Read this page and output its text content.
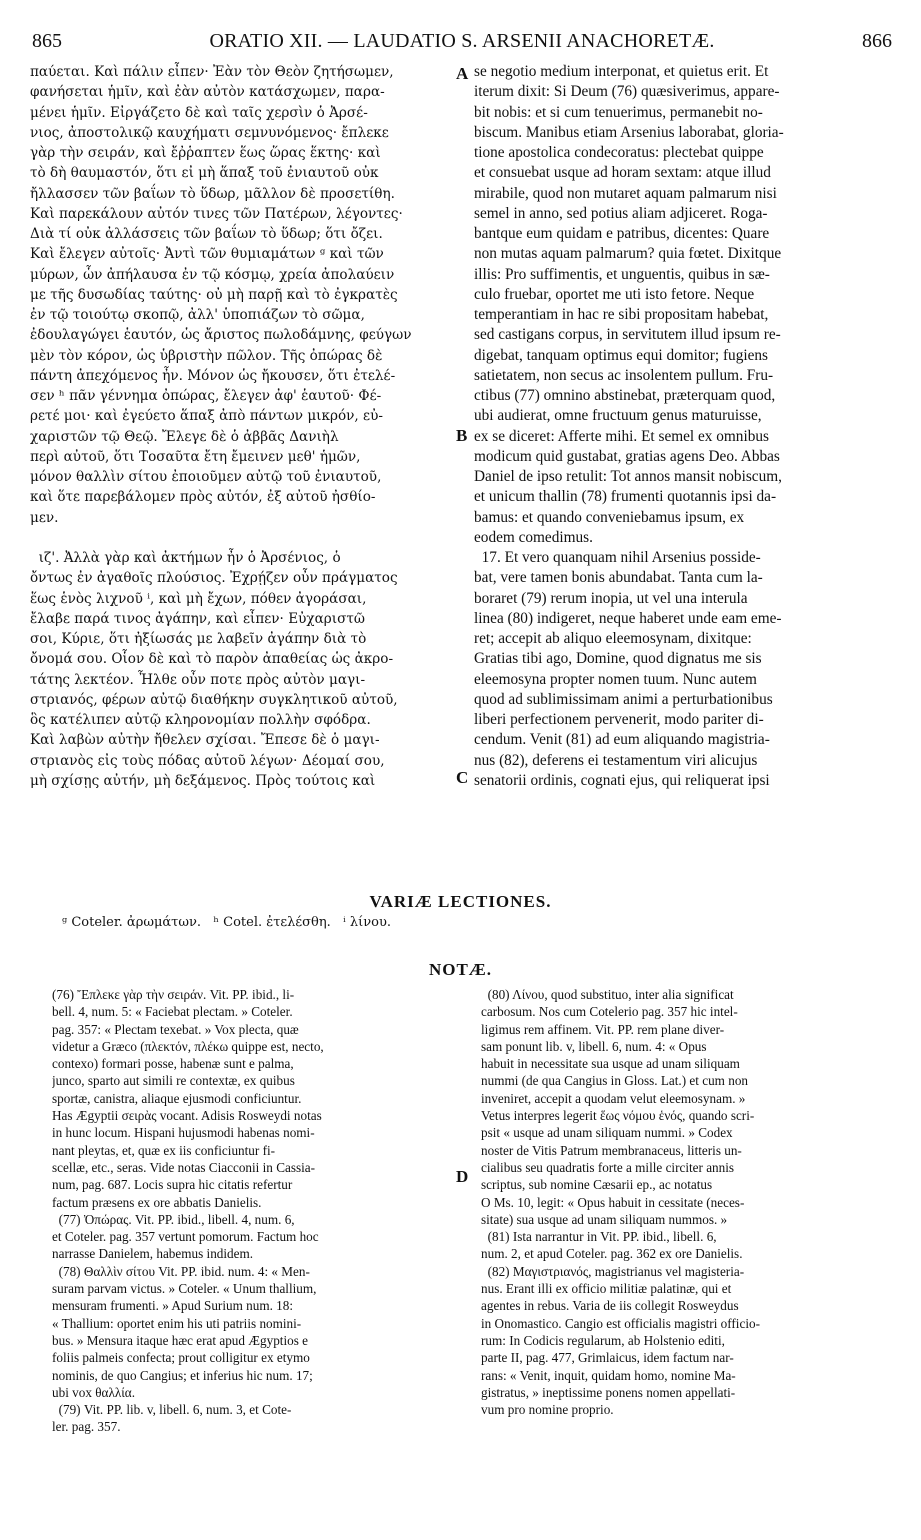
865	ORATIO XII. — LAUDATIO S. ARSENII ANACHORETÆ.	866
παύεται. Καὶ πάλιν εἶπεν· Ἐὰν τὸν Θεὸν ζητήσωμεν,
φανήσεται ἡμῖν, καὶ ἐὰν αὐτὸν κατάσχωμεν, παρα-
μένει ἡμῖν. Εἰργάζετο δὲ καὶ ταῖς χερσὶν ὁ Ἀρσέ-
νιος, ἀποστολικῷ καυχήματι σεμνυνόμενος· ἔπλεκε
γὰρ τὴν σειράν, καὶ ἔῤῥαπτεν ἕως ὥρας ἕκτης· καὶ
τὸ δὴ θαυμαστόν, ὅτι εἰ μὴ ἅπαξ τοῦ ἐνιαυτοῦ οὐκ
ἤλλασσεν τῶν βαΐων τὸ ὕδωρ, μᾶλλον δὲ προσετίθη.
Καὶ παρεκάλουν αὐτόν τινες τῶν Πατέρων, λέγοντες·
Διὰ τί οὐκ ἀλλάσσεις τῶν βαΐων τὸ ὕδωρ; ὅτι ὄζει.
Καὶ ἔλεγεν αὐτοῖς· Ἀντὶ τῶν θυμιαμάτων ᵍ καὶ τῶν
μύρων, ὧν ἀπήλαυσα ἐν τῷ κόσμῳ, χρεία ἀπολαύειν
με τῆς δυσωδίας ταύτης· οὐ μὴ παρῇ καὶ τὸ ἐγκρατὲς
ἐν τῷ τοιούτῳ σκοπῷ, ἀλλ' ὑποπιάζων τὸ σῶμα,
ἐδουλαγώγει ἑαυτόν, ὡς ἄριστος πωλοδάμνης, φεύγων
μὲν τὸν κόρον, ὡς ὑβριστὴν πῶλον. Τῆς ὀπώρας δὲ
πάντη ἀπεχόμενος ἦν. Μόνον ὡς ἤκουσεν, ὅτι ἐτελέ-
σεν ʰ πᾶν γέννημα ὀπώρας, ἔλεγεν ἀφ' ἑαυτοῦ· Φέ-
ρετέ μοι· καὶ ἐγεύετο ἅπαξ ἀπὸ πάντων μικρόν, εὐ-
χαριστῶν τῷ Θεῷ. Ἔλεγε δὲ ὁ ἀββᾶς Δανιὴλ
περὶ αὐτοῦ, ὅτι Τοσαῦτα ἔτη ἔμεινεν μεθ' ἡμῶν,
μόνον θαλλὶν σίτου ἐποιοῦμεν αὐτῷ τοῦ ἐνιαυτοῦ,
καὶ ὅτε παρεβάλομεν πρὸς αὐτόν, ἐξ αὐτοῦ ἠσθίο-
μεν.

ιζ'. Ἀλλὰ γὰρ καὶ ἀκτήμων ἦν ὁ Ἀρσένιος, ὁ
ὄντως ἐν ἀγαθοῖς πλούσιος. Ἐχρῄζεν οὖν πράγματος
ἕως ἑνὸς λιχνοῦ ⁱ, καὶ μὴ ἔχων, πόθεν ἀγοράσαι,
ἔλαβε παρά τινος ἀγάπην, καὶ εἶπεν· Εὐχαριστῶ
σοι, Κύριε, ὅτι ἠξίωσάς με λαβεῖν ἀγάπην διὰ τὸ
ὄνομά σου. Οἷον δὲ καὶ τὸ παρὸν ἀπαθείας ὡς ἀκρο-
τάτης λεκτέον. Ἦλθε οὖν ποτε πρὸς αὐτὸν μαγι-
στριανός, φέρων αὐτῷ διαθήκην συγκλητικοῦ αὐτοῦ,
ὃς κατέλιπεν αὐτῷ κληρονομίαν πολλὴν σφόδρα.
Καὶ λαβὼν αὐτὴν ἤθελεν σχίσαι. Ἔπεσε δὲ ὁ μαγι-
στριανὸς εἰς τοὺς πόδας αὐτοῦ λέγων· Δέομαί σου,
μὴ σχίσῃς αὐτήν, μὴ δεξάμενος. Πρὸς τούτοις καὶ
se negotio medium interponat, et quietus erit. Et
iterum dixit: Si Deum (76) quæsiverimus, appare-
bit nobis: et si cum tenuerimus, permanebit no-
biscum. Manibus etiam Arsenius laborabat, gloria-
tione apostolica condecoratus: plectebat quippe
et consuebat usque ad horam sextam: atque illud
mirabile, quod non mutaret aquam palmarum nisi
semel in anno, sed potius aliam adjiceret. Roga-
bantque eum quidam e patribus, dicentes: Quare
non mutas aquam palmarum? quia fœtet. Dixitque
illis: Pro suffimentis, et unguentis, quibus in sæ-
culo fruebar, oportet me uti isto fetore. Neque
temperantiam in hac re sibi propositam habebat,
sed castigans corpus, in servitutem illud ipsum re-
digebat, tanquam optimus equi domitor; fugiens
satietatem, non secus ac insolentem pullum. Fru-
ctibus (77) omnino abstinebat, præterquam quod,
ubi audierat, omne fructuum genus maturuisse,
ex se diceret: Afferte mihi. Et semel ex omnibus
modicum quid gustabat, gratias agens Deo. Abbas
Daniel de ipso retulit: Tot annos mansit nobiscum,
et unicum thallin (78) frumenti quotannis ipsi da-
bamus: et quando conveniebamus ipsum, ex
eodem comedimus.
17. Et vero quanquam nihil Arsenius posside-
bat, vere tamen bonis abundabat. Tanta cum la-
boraret (79) rerum inopia, ut vel una interula
linea (80) indigeret, neque haberet unde eam eme-
ret; accepit ab aliquo eleemosynam, dixitque:
Gratias tibi ago, Domine, quod dignatus me sis
eleemosyna propter nomen tuum. Nunc autem
quod ad sublimissimam animi a perturbationibus
liberi perfectionem pervenerit, modo pariter di-
cendum. Venit (81) ad eum aliquando magistria-
nus (82), deferens ei testamentum viri alicujus
senatorii ordinis, cognati ejus, qui reliquerat ipsi
A
B
C
D
VARIÆ LECTIONES.
ᵍ Coteler. ἀρωμάτων.   ʰ Cotel. ἐτελέσθη.   ⁱ λίνου.
NOTÆ.
(76) Ἔπλεκε γὰρ τὴν σειράν. Vit. PP. ibid., li-
bell. 4, num. 5: « Faciebat plectam. » Coteler.
pag. 357: « Plectam texebat. » Vox plecta, quæ
videtur a Græco (πλεκτόν, πλέκω quippe est, necto,
contexo) formari posse, habenæ sunt e palma,
junco, sparto aut simili re contextæ, ex quibus
sportæ, canistra, aliaque ejusmodi conficiuntur.
Has Ægyptii σειρὰς vocant. Adisis Rosweydi notas
in hunc locum. Hispani hujusmodi habenas nomi-
nant pleytas, et, quæ ex iis conficiuntur fi-
scellæ, etc., seras. Vide notas Ciacconii in Cassia-
num, pag. 687. Locis supra hic citatis refertur
factum præsens ex ore abbatis Danielis.
(77) Ὀπώρας. Vit. PP. ibid., libell. 4, num. 6,
et Coteler. pag. 357 vertunt pomorum. Factum hoc
narrasse Danielem, habemus indidem.
(78) Θαλλὶν σίτου Vit. PP. ibid. num. 4: « Men-
suram parvam victus. » Coteler. « Unum thallium,
mensuram frumenti. » Apud Surium num. 18:
« Thallium: oportet enim his uti patriis nomini-
bus. » Mensura itaque hæc erat apud Ægyptios e
foliis palmeis confecta; prout colligitur ex etymo
nominis, de quo Cangius; et inferius hic num. 17;
ubi vox θαλλία.
(79) Vit. PP. lib. v, libell. 6, num. 3, et Cote-
ler. pag. 357.
(80) Λίνου, quod substituo, inter alia significat
carbosum. Nos cum Cotelerio pag. 357 hic intel-
ligimus rem affinem. Vit. PP. rem plane diver-
sam ponunt lib. v, libell. 6, num. 4: « Opus
habuit in necessitate sua usque ad unam siliquam
nummi (de qua Cangius in Gloss. Lat.) et cum non
inveniret, accepit a quodam velut eleemosynam. »
Vetus interpres legerit ἕως νόμου ἑνός, quando scri-
psit « usque ad unam siliquam nummi. » Codex
noster de Vitis Patrum membranaceus, litteris un-
cialibus seu quadratis forte a mille circiter annis
scriptus, sub nomine Cæsarii ep., ac notatus
O Ms. 10, legit: « Opus habuit in cessitate (neces-
sitate) sua usque ad unam siliquam nummos. »
(81) Ista narrantur in Vit. PP. ibid., libell. 6,
num. 2, et apud Coteler. pag. 362 ex ore Danielis.
(82) Μαγιστριανός, magistrianus vel magisteria-
nus. Erant illi ex officio militiæ palatinæ, qui et
agentes in rebus. Varia de iis collegit Rosweydus
in Onomastico. Cangio est officialis magistri officio-
rum: In Codicis regularum, ab Holstenio editi,
parte II, pag. 477, Grimlaicus, idem factum nar-
rans: « Venit, inquit, quidam homo, nomine Ma-
gistratus, » ineptissime ponens nomen appellati-
vum pro nomine proprio.
